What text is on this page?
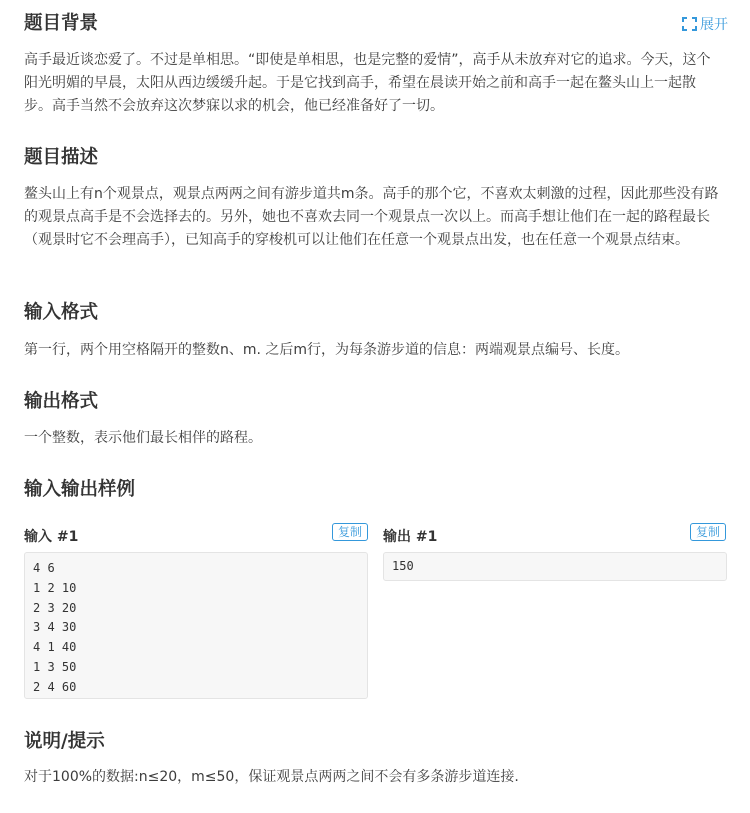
题目背景	展开

高手最近谈恋爱了。不过是单相思。“即使是单相思，也是完整的爱情”，高手从未放弃对它的追求。今天，这个阳光明媚的早晨，太阳从西边缓缓升起。于是它找到高手，希望在晨读开始之前和高手一起在鳌头山上一起散步。高手当然不会放弃这次梦寐以求的机会，他已经准备好了一切。

题目描述

鳌头山上有n个观景点，观景点两两之间有游步道共m条。高手的那个它，不喜欢太刺激的过程，因此那些没有路的观景点高手是不会选择去的。另外，她也不喜欢去同一个观景点一次以上。而高手想让他们在一起的路程最长（观景时它不会理高手），已知高手的穿梭机可以让他们在任意一个观景点出发，也在任意一个观景点结束。

输入格式

第一行，两个用空格隔开的整数n、m. 之后m行，为每条游步道的信息：两端观景点编号、长度。

输出格式

一个整数，表示他们最长相伴的路程。

输入输出样例
输入 #1	复制	输出 #1	复制
4 6
1 2 10
2 3 20
3 4 30
4 1 40
1 3 50
2 4 60
150
说明/提示

对于100%的数据:n≤20，m≤50，保证观景点两两之间不会有多条游步道连接.
